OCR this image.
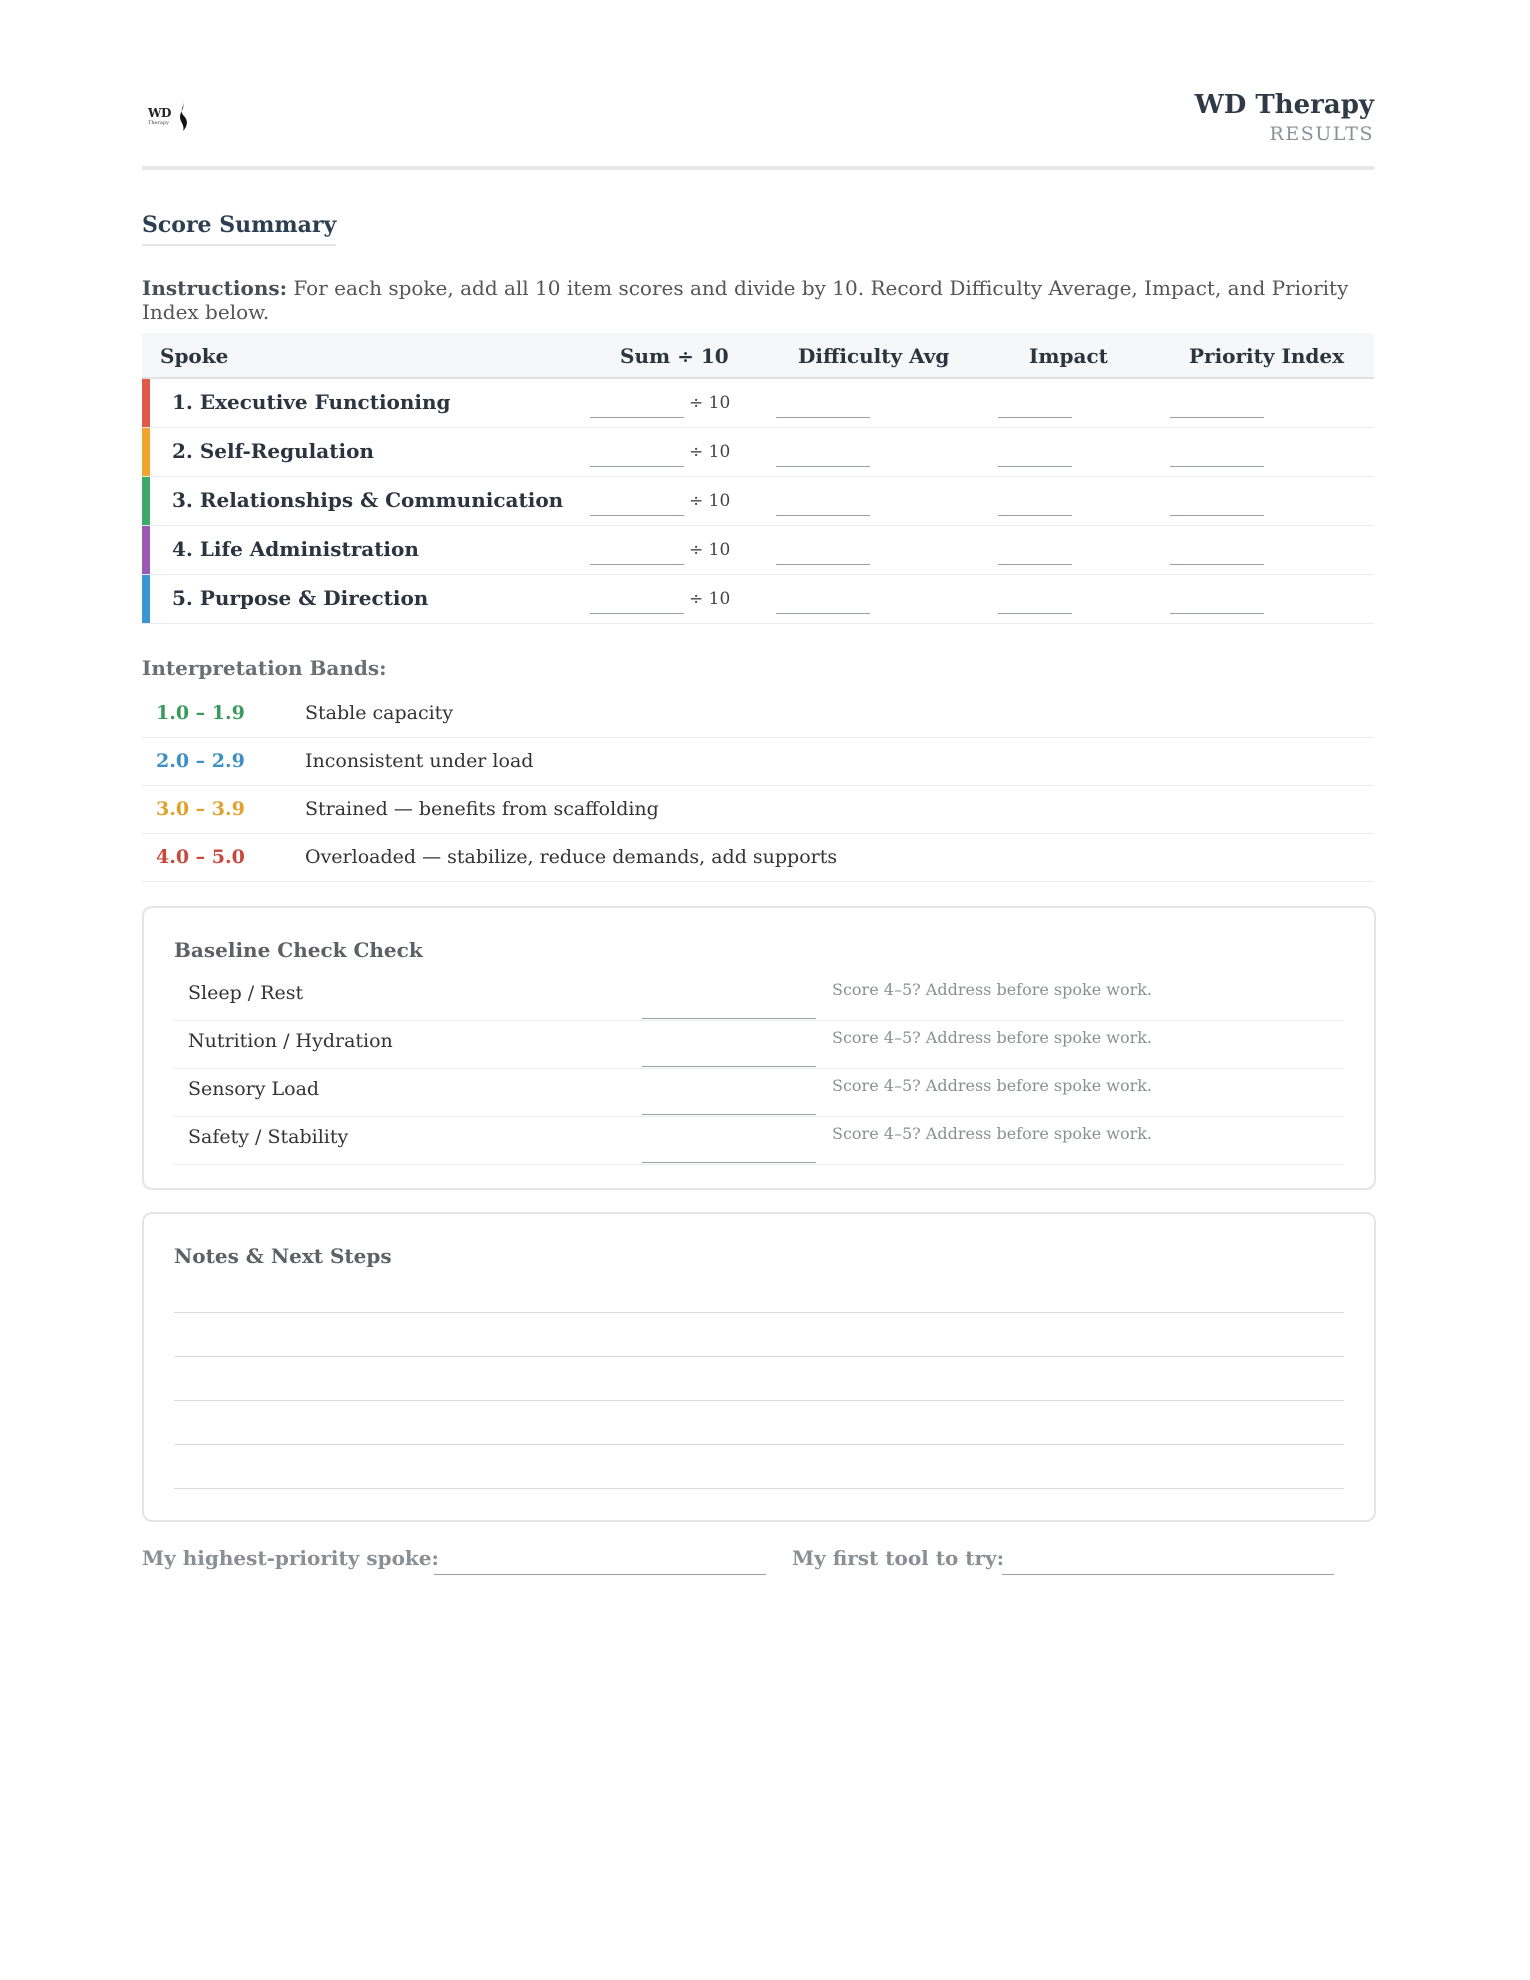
WD
Therapy
WD Therapy
RESULTS
Score Summary
Instructions: For each spoke, add all 10 item scores and divide by 10. Record Difficulty Average, Impact, and Priority Index below.
Spoke	Sum ÷ 10	Difficulty Avg	Impact	Priority Index
1. Executive Functioning	÷ 10
2. Self-Regulation	÷ 10
3. Relationships & Communication	÷ 10
4. Life Administration	÷ 10
5. Purpose & Direction	÷ 10
Interpretation Bands:
1.0 – 1.9	Stable capacity
2.0 – 2.9	Inconsistent under load
3.0 – 3.9	Strained — benefits from scaffolding
4.0 – 5.0	Overloaded — stabilize, reduce demands, add supports
Baseline Check Check
Sleep / Rest	Score 4–5? Address before spoke work.
Nutrition / Hydration	Score 4–5? Address before spoke work.
Sensory Load	Score 4–5? Address before spoke work.
Safety / Stability	Score 4–5? Address before spoke work.
Notes & Next Steps
My highest-priority spoke:	My first tool to try:
